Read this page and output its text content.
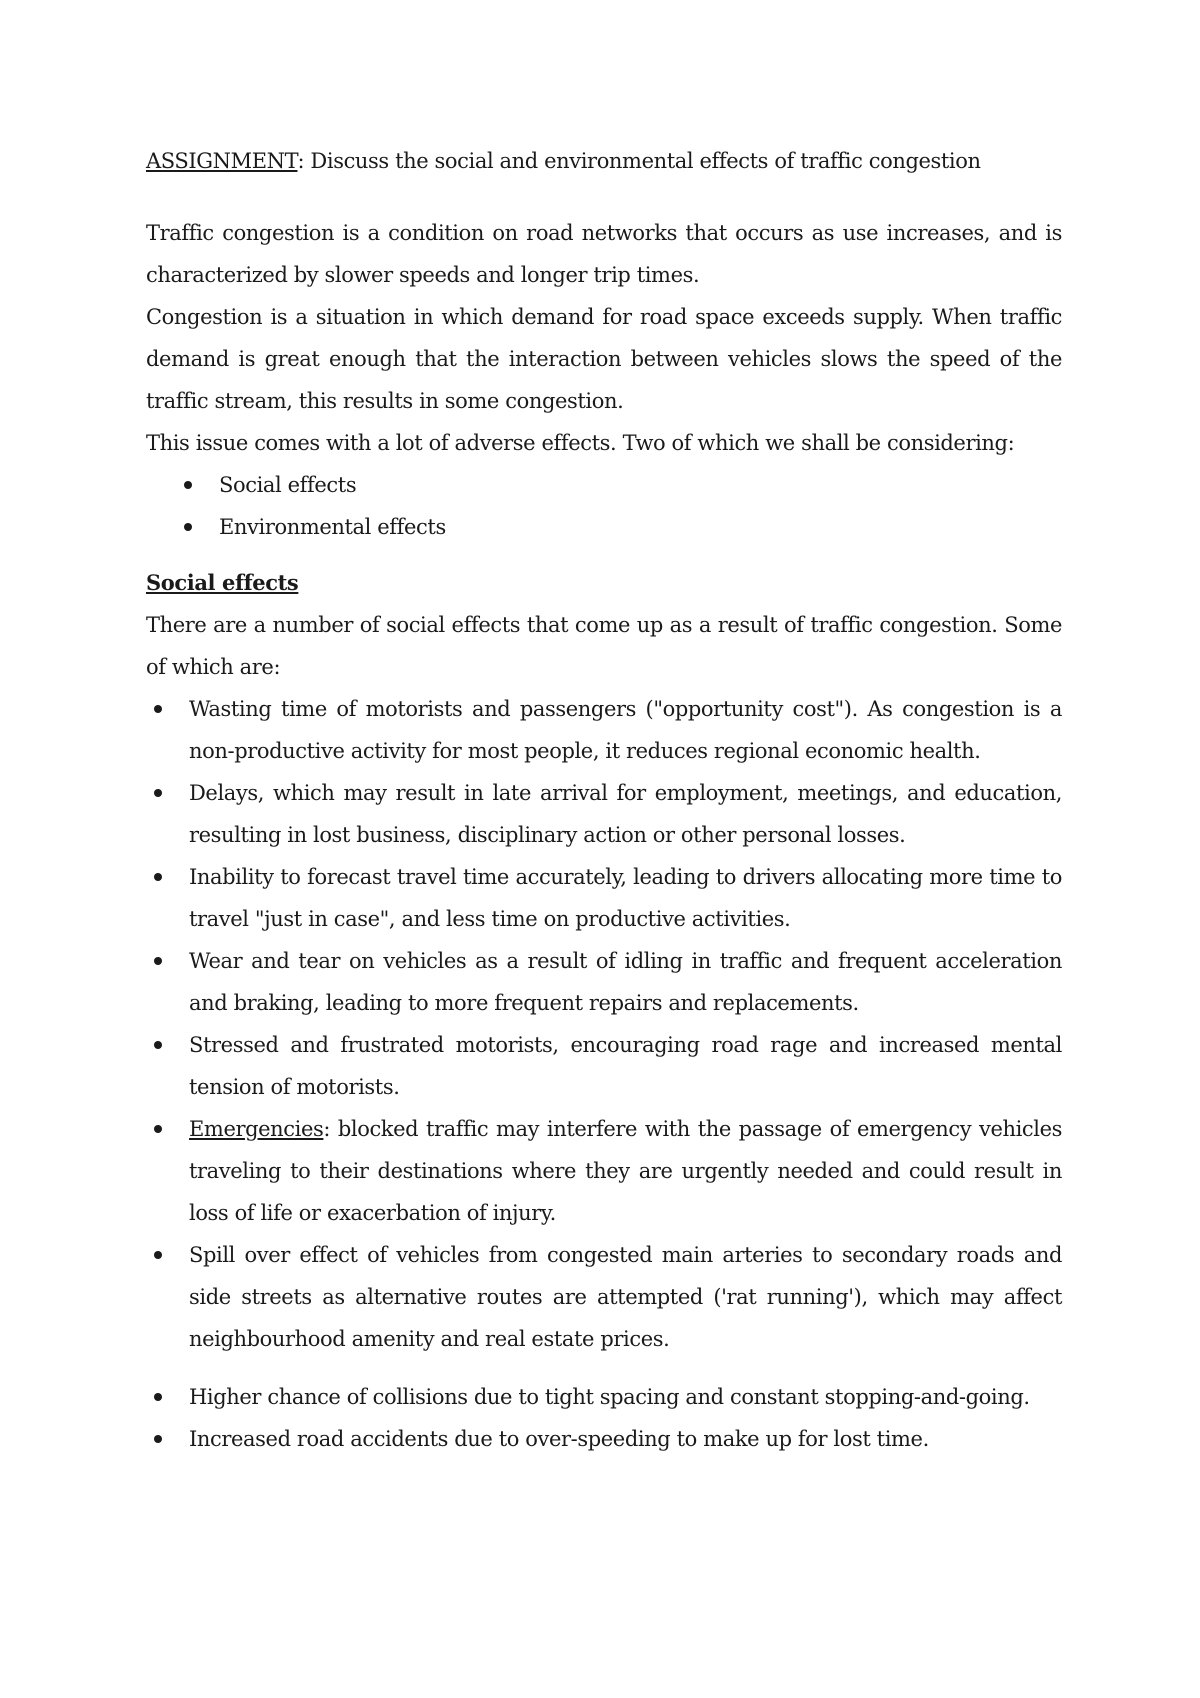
ASSIGNMENT: Discuss the social and environmental effects of traffic congestion

Traffic congestion is a condition on road networks that occurs as use increases, and is characterized by slower speeds and longer trip times.

Congestion is a situation in which demand for road space exceeds supply. When traffic demand is great enough that the interaction between vehicles slows the speed of the traffic stream, this results in some congestion.

This issue comes with a lot of adverse effects. Two of which we shall be considering:

Social effects
Environmental effects
Social effects

There are a number of social effects that come up as a result of traffic congestion. Some of which are:

Wasting time of motorists and passengers ("opportunity cost"). As congestion is a non-productive activity for most people, it reduces regional economic health.
Delays, which may result in late arrival for employment, meetings, and education, resulting in lost business, disciplinary action or other personal losses.
Inability to forecast travel time accurately, leading to drivers allocating more time to travel "just in case", and less time on productive activities.
Wear and tear on vehicles as a result of idling in traffic and frequent acceleration and braking, leading to more frequent repairs and replacements.
Stressed and frustrated motorists, encouraging road rage and increased mental tension of motorists.
Emergencies: blocked traffic may interfere with the passage of emergency vehicles traveling to their destinations where they are urgently needed and could result in loss of life or exacerbation of injury.
Spill over effect of vehicles from congested main arteries to secondary roads and side streets as alternative routes are attempted ('rat running'), which may affect neighbourhood amenity and real estate prices.
Higher chance of collisions due to tight spacing and constant stopping-and-going.
Increased road accidents due to over-speeding to make up for lost time.
